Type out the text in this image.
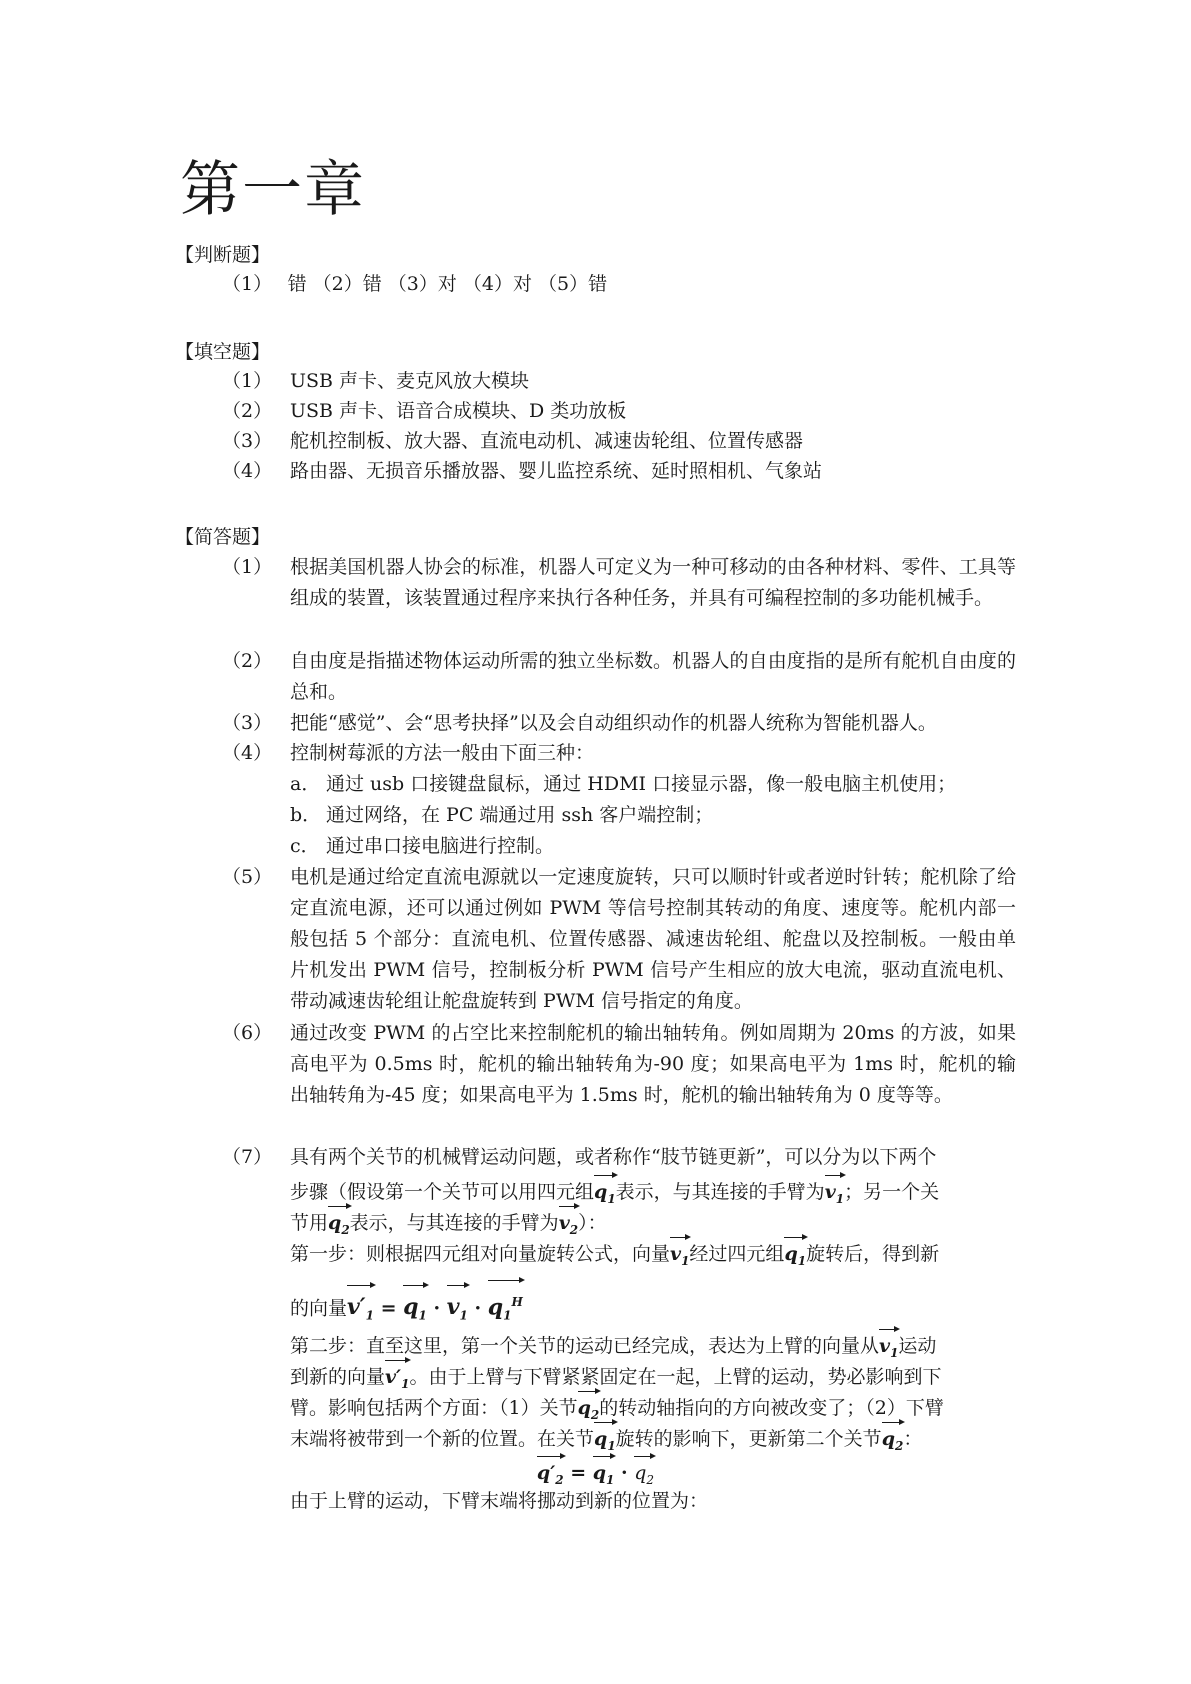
第一章
【判断题】
（1）　 错 （2）错 （3）对 （4）对 （5）错
【填空题】
（1） USB 声卡、麦克风放大模块
（2） USB 声卡、语音合成模块、D 类功放板
（3） 舵机控制板、放大器、直流电动机、减速齿轮组、位置传感器
（4） 路由器、无损音乐播放器、婴儿监控系统、延时照相机、气象站
【简答题】
（1） 根据美国机器人协会的标准，机器人可定义为一种可移动的由各种材料、零件、工具等组成的装置，该装置通过程序来执行各种任务，并具有可编程控制的多功能机械手。
（2） 自由度是指描述物体运动所需的独立坐标数。机器人的自由度指的是所有舵机自由度的总和。
（3） 把能“感觉”、会“思考抉择”以及会自动组织动作的机器人统称为智能机器人。
（4） 控制树莓派的方法一般由下面三种：
a． 通过 usb 口接键盘鼠标，通过 HDMI 口接显示器，像一般电脑主机使用；
b． 通过网络，在 PC 端通过用 ssh 客户端控制；
c． 通过串口接电脑进行控制。
（5） 电机是通过给定直流电源就以一定速度旋转，只可以顺时针或者逆时针转；舵机除了给定直流电源，还可以通过例如 PWM 等信号控制其转动的角度、速度等。舵机内部一般包括 5 个部分：直流电机、位置传感器、减速齿轮组、舵盘以及控制板。一般由单片机发出 PWM 信号，控制板分析 PWM 信号产生相应的放大电流，驱动直流电机、带动减速齿轮组让舵盘旋转到 PWM 信号指定的角度。
（6） 通过改变 PWM 的占空比来控制舵机的输出轴转角。例如周期为 20ms 的方波，如果高电平为 0.5ms 时，舵机的输出轴转角为-90 度；如果高电平为 1ms 时，舵机的输出轴转角为-45 度；如果高电平为 1.5ms 时，舵机的输出轴转角为 0 度等等。
（7） 具有两个关节的机械臂运动问题，或者称作“肢节链更新”，可以分为以下两个
步骤（假设第一个关节可以用四元组$q_1$表示，与其连接的手臂为$v_1$；另一个关
节用$q_2$表示，与其连接的手臂为$v_2$）：
第一步：则根据四元组对向量旋转公式，向量$v_1$经过四元组$q_1$旋转后，得到新
的向量$v'_1 = q_1 \cdot v_1 \cdot q_1^H$
第二步：直至这里，第一个关节的运动已经完成，表达为上臂的向量从$v_1$运动
到新的向量$v'_1$。由于上臂与下臂紧紧固定在一起，上臂的运动，势必影响到下
臂。影响包括两个方面：（1）关节$q_2$的转动轴指向的方向被改变了；（2）下臂
末端将被带到一个新的位置。在关节$q_1$旋转的影响下，更新第二个关节$q_2$：
$q'_2 = q_1 \cdot q_2$
由于上臂的运动，下臂末端将挪动到新的位置为：
